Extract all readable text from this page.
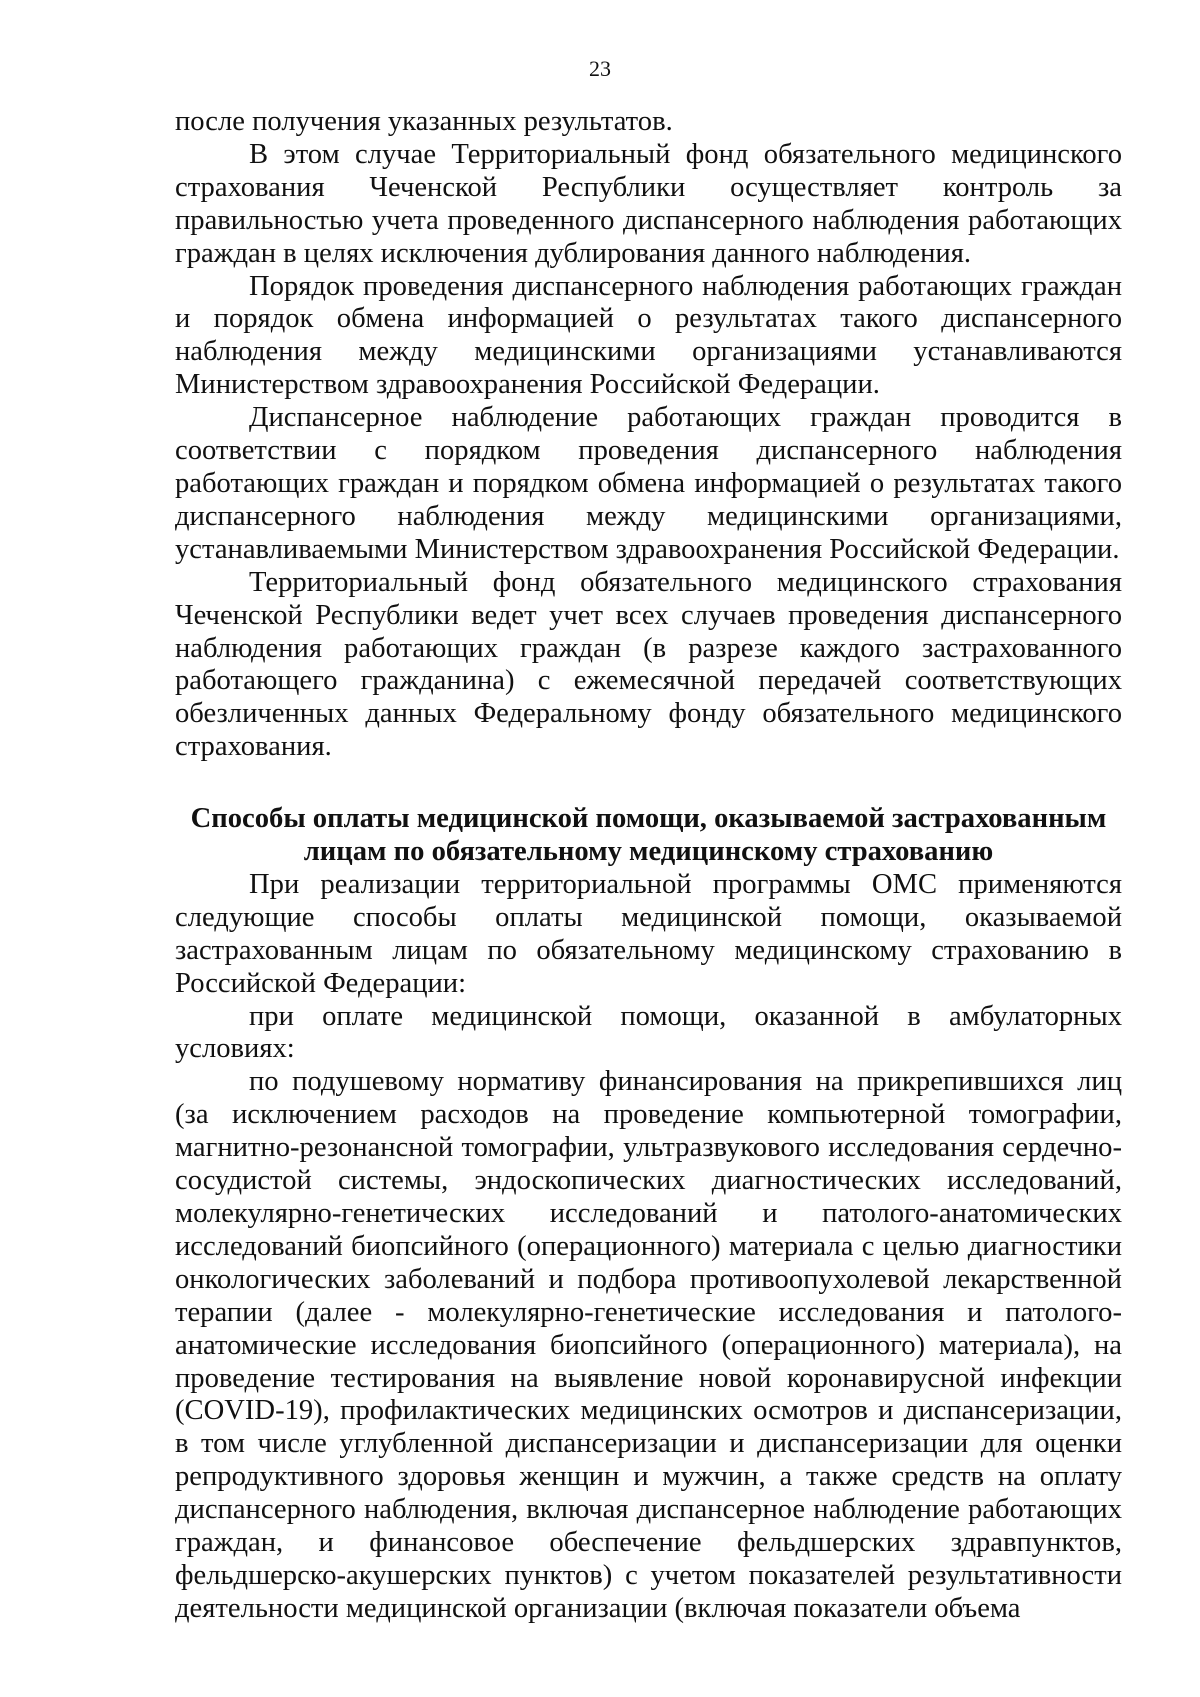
23

после получения указанных результатов.

В этом случае Территориальный фонд обязательного медицинского страхования Чеченской Республики осуществляет контроль за правильностью учета проведенного диспансерного наблюдения работающих граждан в целях исключения дублирования данного наблюдения.

Порядок проведения диспансерного наблюдения работающих граждан и порядок обмена информацией о результатах такого диспансерного наблюдения между медицинскими организациями устанавливаются Министерством здравоохранения Российской Федерации.

Диспансерное наблюдение работающих граждан проводится в соответствии с порядком проведения диспансерного наблюдения работающих граждан и порядком обмена информацией о результатах такого диспансерного наблюдения между медицинскими организациями, устанавливаемыми Министерством здравоохранения Российской Федерации.

Территориальный фонд обязательного медицинского страхования Чеченской Республики ведет учет всех случаев проведения диспансерного наблюдения работающих граждан (в разрезе каждого застрахованного работающего гражданина) с ежемесячной передачей соответствующих обезличенных данных Федеральному фонду обязательного медицинского страхования.

Способы оплаты медицинской помощи, оказываемой застрахованным
лицам по обязательному медицинскому страхованию

При реализации территориальной программы ОМС применяются следующие способы оплаты медицинской помощи, оказываемой застрахованным лицам по обязательному медицинскому страхованию в Российской Федерации:

при оплате медицинской помощи, оказанной в амбулаторных условиях:

по подушевому нормативу финансирования на прикрепившихся лиц (за исключением расходов на проведение компьютерной томографии, магнитно-резонансной томографии, ультразвукового исследования сердечно-сосудистой системы, эндоскопических диагностических исследований, молекулярно-генетических исследований и патолого-анатомических исследований биопсийного (операционного) материала с целью диагностики онкологических заболеваний и подбора противоопухолевой лекарственной терапии (далее - молекулярно-генетические исследования и патолого-анатомические исследования биопсийного (операционного) материала), на проведение тестирования на выявление новой коронавирусной инфекции (COVID-19), профилактических медицинских осмотров и диспансеризации, в том числе углубленной диспансеризации и диспансеризации для оценки репродуктивного здоровья женщин и мужчин, а также средств на оплату диспансерного наблюдения, включая диспансерное наблюдение работающих граждан, и финансовое обеспечение фельдшерских здравпунктов, фельдшерско-акушерских пунктов) с учетом показателей результативности деятельности медицинской организации (включая показатели объема
